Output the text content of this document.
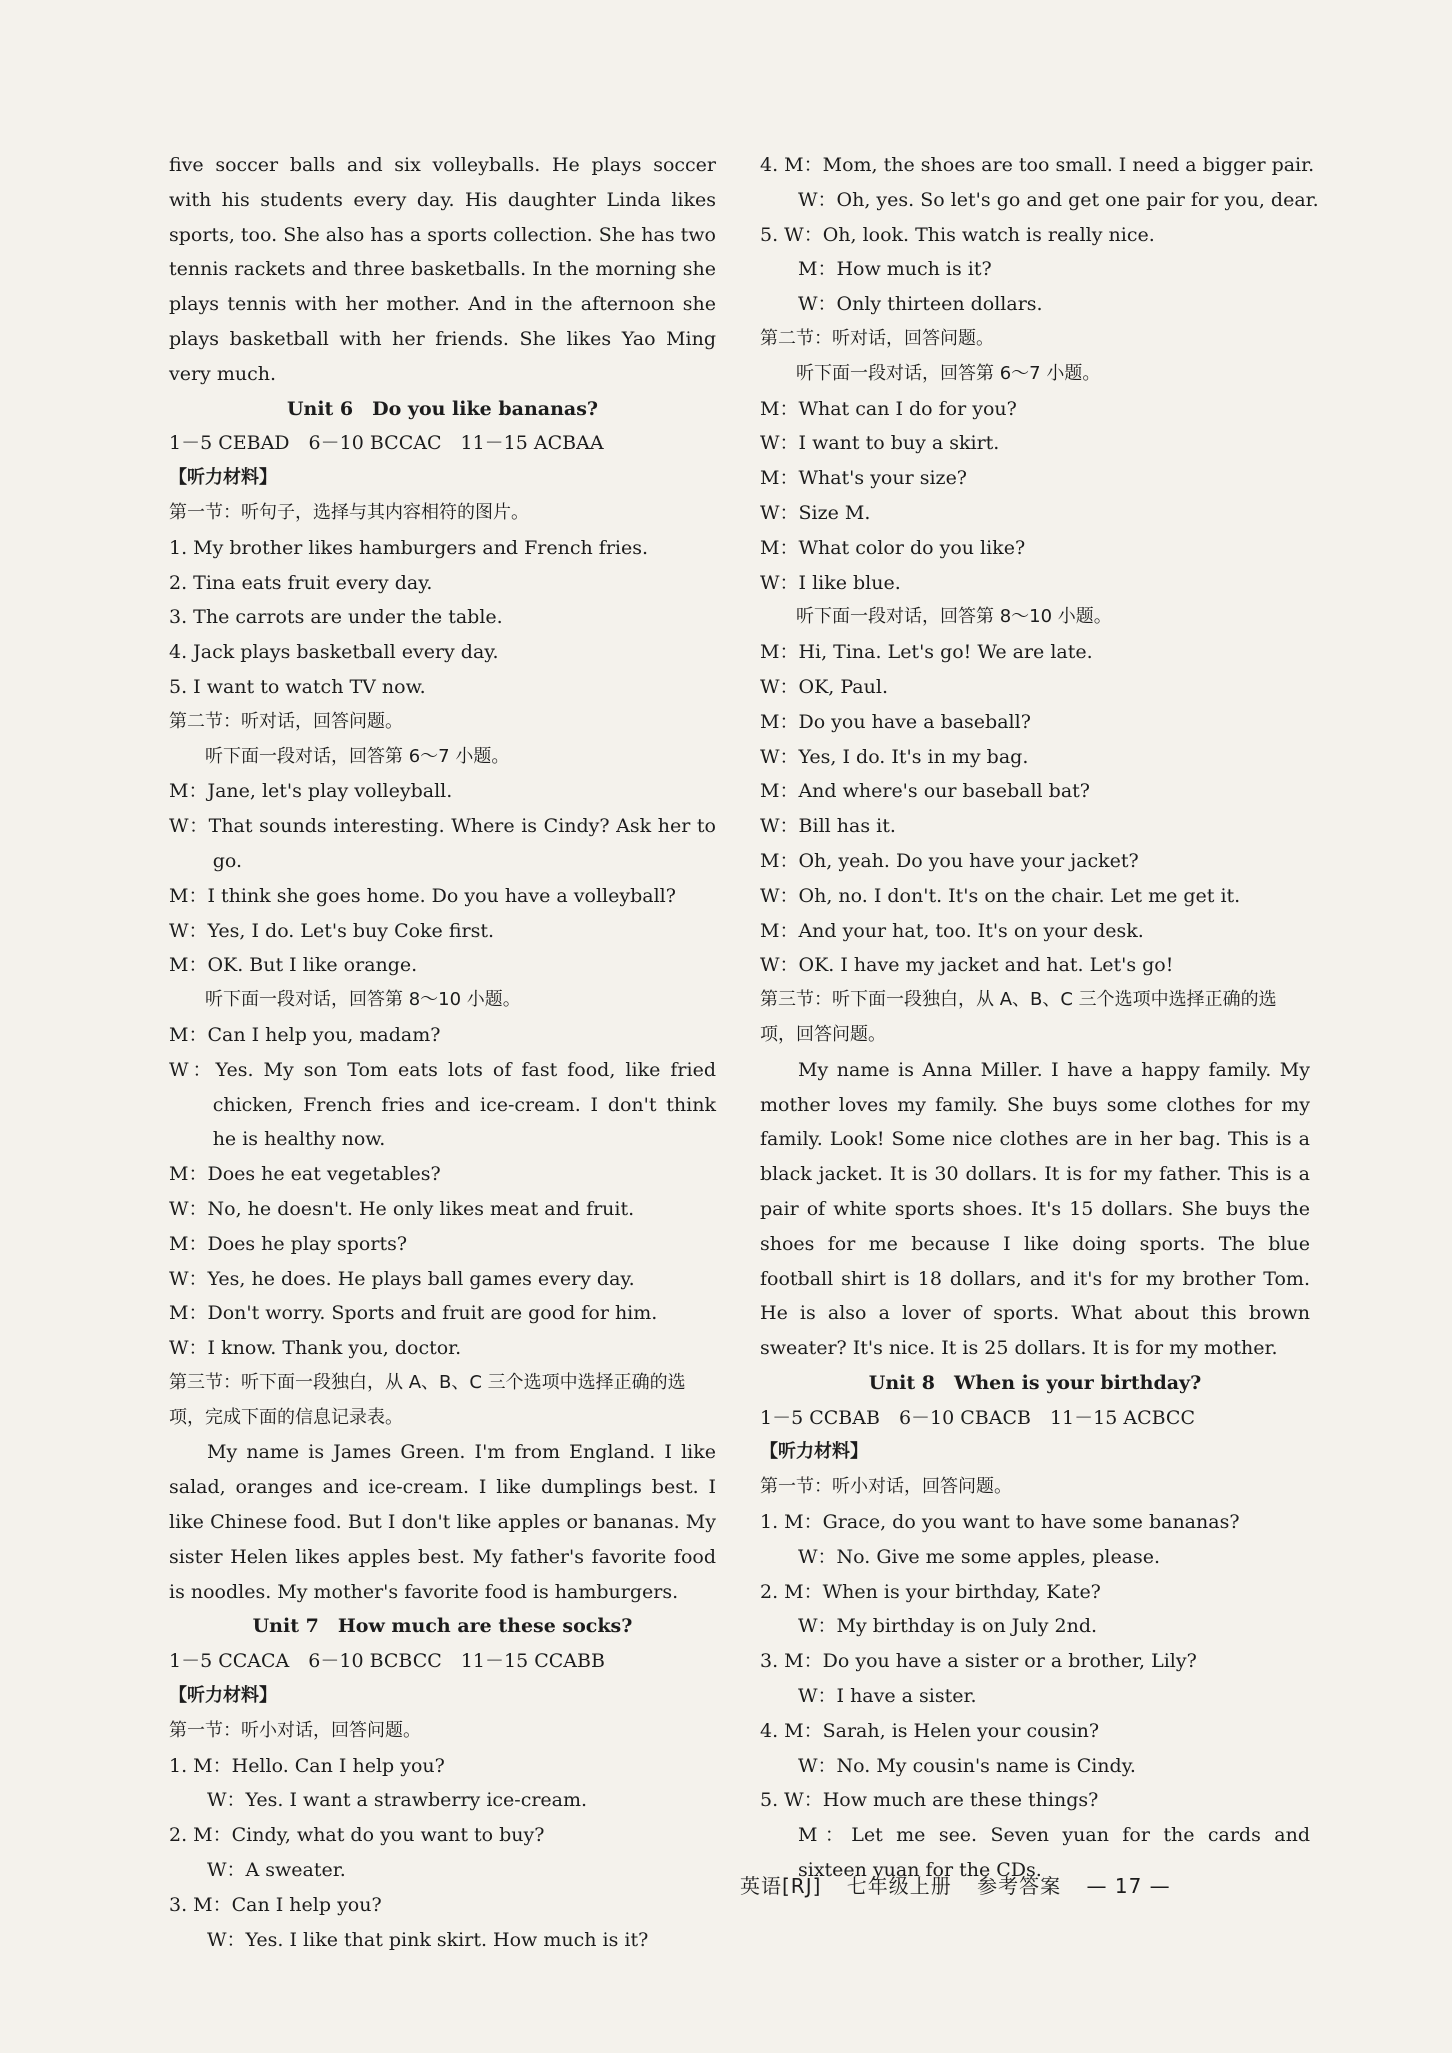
five soccer balls and six volleyballs. He plays soccer with his students every day. His daughter Linda likes sports, too. She also has a sports collection. She has two tennis rackets and three basketballs. In the morning she plays tennis with her mother. And in the afternoon she plays basketball with her friends. She likes Yao Ming very much.

Unit 6　Do you like bananas?

1－5 CEBAD　6－10 BCCAC　11－15 ACBAA

【听力材料】

第一节：听句子，选择与其内容相符的图片。

1. My brother likes hamburgers and French fries.

2. Tina eats fruit every day.

3. The carrots are under the table.

4. Jack plays basketball every day.

5. I want to watch TV now.

第二节：听对话，回答问题。

听下面一段对话，回答第 6～7 小题。

M：Jane, let's play volleyball.

W：That sounds interesting. Where is Cindy? Ask her to go.

M：I think she goes home. Do you have a volleyball?

W：Yes, I do. Let's buy Coke first.

M：OK. But I like orange.

听下面一段对话，回答第 8～10 小题。

M：Can I help you, madam?

W：Yes. My son Tom eats lots of fast food, like fried chicken, French fries and ice-cream. I don't think he is healthy now.

M：Does he eat vegetables?

W：No, he doesn't. He only likes meat and fruit.

M：Does he play sports?

W：Yes, he does. He plays ball games every day.

M：Don't worry. Sports and fruit are good for him.

W：I know. Thank you, doctor.

第三节：听下面一段独白，从 A、B、C 三个选项中选择正确的选项，完成下面的信息记录表。

My name is James Green. I'm from England. I like salad, oranges and ice-cream. I like dumplings best. I like Chinese food. But I don't like apples or bananas. My sister Helen likes apples best. My father's favorite food is noodles. My mother's favorite food is hamburgers.

Unit 7　How much are these socks?

1－5 CCACA　6－10 BCBCC　11－15 CCABB

【听力材料】

第一节：听小对话，回答问题。

1. M：Hello. Can I help you?

W：Yes. I want a strawberry ice-cream.

2. M：Cindy, what do you want to buy?

W：A sweater.

3. M：Can I help you?

W：Yes. I like that pink skirt. How much is it?

4. M：Mom, the shoes are too small. I need a bigger pair.

W：Oh, yes. So let's go and get one pair for you, dear.

5. W：Oh, look. This watch is really nice.

M：How much is it?

W：Only thirteen dollars.

第二节：听对话，回答问题。

听下面一段对话，回答第 6～7 小题。

M：What can I do for you?

W：I want to buy a skirt.

M：What's your size?

W：Size M.

M：What color do you like?

W：I like blue.

听下面一段对话，回答第 8～10 小题。

M：Hi, Tina. Let's go! We are late.

W：OK, Paul.

M：Do you have a baseball?

W：Yes, I do. It's in my bag.

M：And where's our baseball bat?

W：Bill has it.

M：Oh, yeah. Do you have your jacket?

W：Oh, no. I don't. It's on the chair. Let me get it.

M：And your hat, too. It's on your desk.

W：OK. I have my jacket and hat. Let's go!

第三节：听下面一段独白，从 A、B、C 三个选项中选择正确的选项，回答问题。

My name is Anna Miller. I have a happy family. My mother loves my family. She buys some clothes for my family. Look! Some nice clothes are in her bag. This is a black jacket. It is 30 dollars. It is for my father. This is a pair of white sports shoes. It's 15 dollars. She buys the shoes for me because I like doing sports. The blue football shirt is 18 dollars, and it's for my brother Tom. He is also a lover of sports. What about this brown sweater? It's nice. It is 25 dollars. It is for my mother.

Unit 8　When is your birthday?

1－5 CCBAB　6－10 CBACB　11－15 ACBCC

【听力材料】

第一节：听小对话，回答问题。

1. M：Grace, do you want to have some bananas?

W：No. Give me some apples, please.

2. M：When is your birthday, Kate?

W：My birthday is on July 2nd.

3. M：Do you have a sister or a brother, Lily?

W：I have a sister.

4. M：Sarah, is Helen your cousin?

W：No. My cousin's name is Cindy.

5. W：How much are these things?

M：Let me see. Seven yuan for the cards and sixteen yuan for the CDs.

英语[RJ] 七年级上册 参考答案 — 17 —
